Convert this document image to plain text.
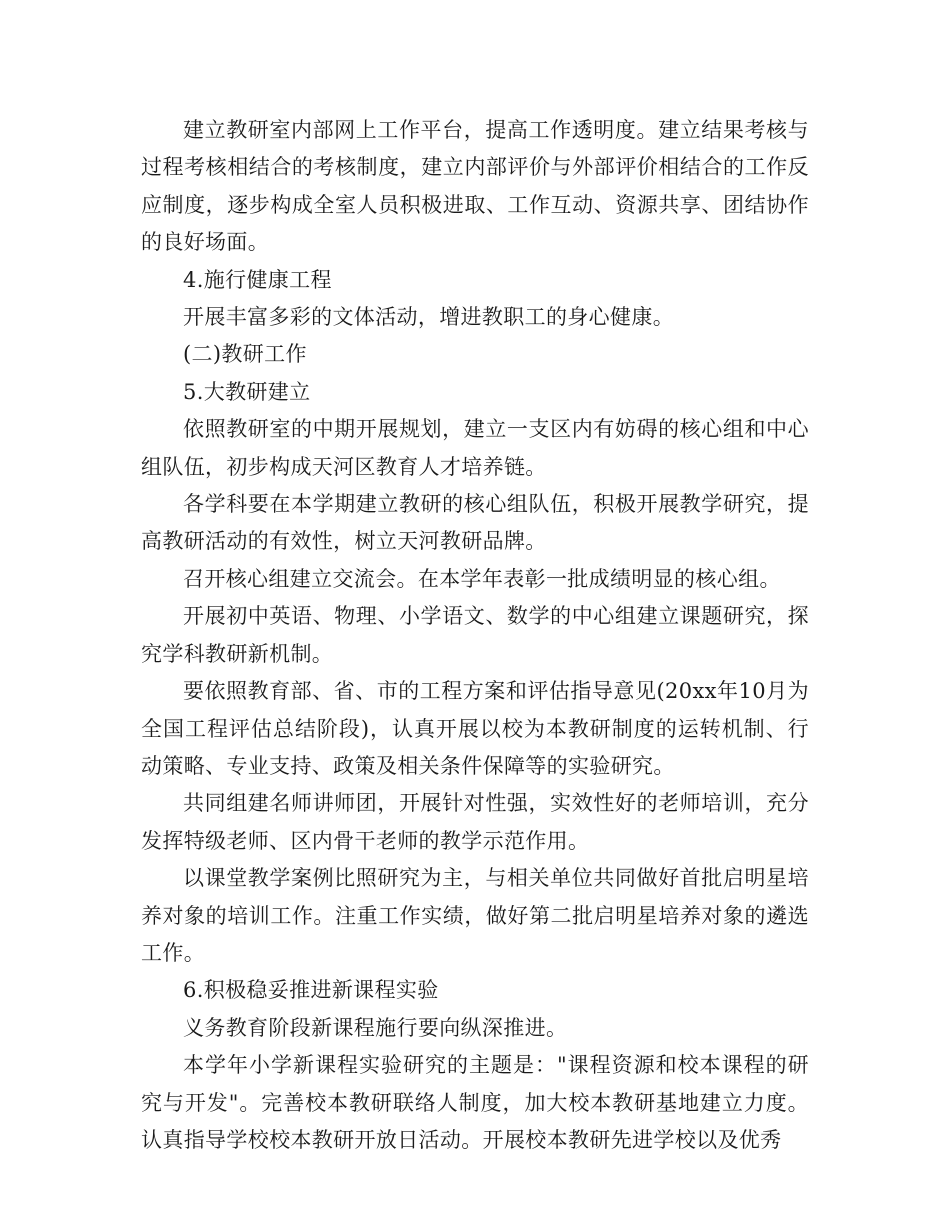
建立教研室内部网上工作平台，提高工作透明度。建立结果考核与过程考核相结合的考核制度，建立内部评价与外部评价相结合的工作反应制度，逐步构成全室人员积极进取、工作互动、资源共享、团结协作的良好场面。

4.施行健康工程

开展丰富多彩的文体活动，增进教职工的身心健康。

(二)教研工作

5.大教研建立

依照教研室的中期开展规划，建立一支区内有妨碍的核心组和中心组队伍，初步构成天河区教育人才培养链。

各学科要在本学期建立教研的核心组队伍，积极开展教学研究，提高教研活动的有效性，树立天河教研品牌。

召开核心组建立交流会。在本学年表彰一批成绩明显的核心组。

开展初中英语、物理、小学语文、数学的中心组建立课题研究，探究学科教研新机制。

要依照教育部、省、市的工程方案和评估指导意见(20xx年10月为全国工程评估总结阶段)，认真开展以校为本教研制度的运转机制、行动策略、专业支持、政策及相关条件保障等的实验研究。

共同组建名师讲师团，开展针对性强，实效性好的老师培训，充分发挥特级老师、区内骨干老师的教学示范作用。

以课堂教学案例比照研究为主，与相关单位共同做好首批启明星培养对象的培训工作。注重工作实绩，做好第二批启明星培养对象的遴选工作。

6.积极稳妥推进新课程实验

义务教育阶段新课程施行要向纵深推进。

本学年小学新课程实验研究的主题是："课程资源和校本课程的研究与开发"。完善校本教研联络人制度，加大校本教研基地建立力度。认真指导学校校本教研开放日活动。开展校本教研先进学校以及优秀
